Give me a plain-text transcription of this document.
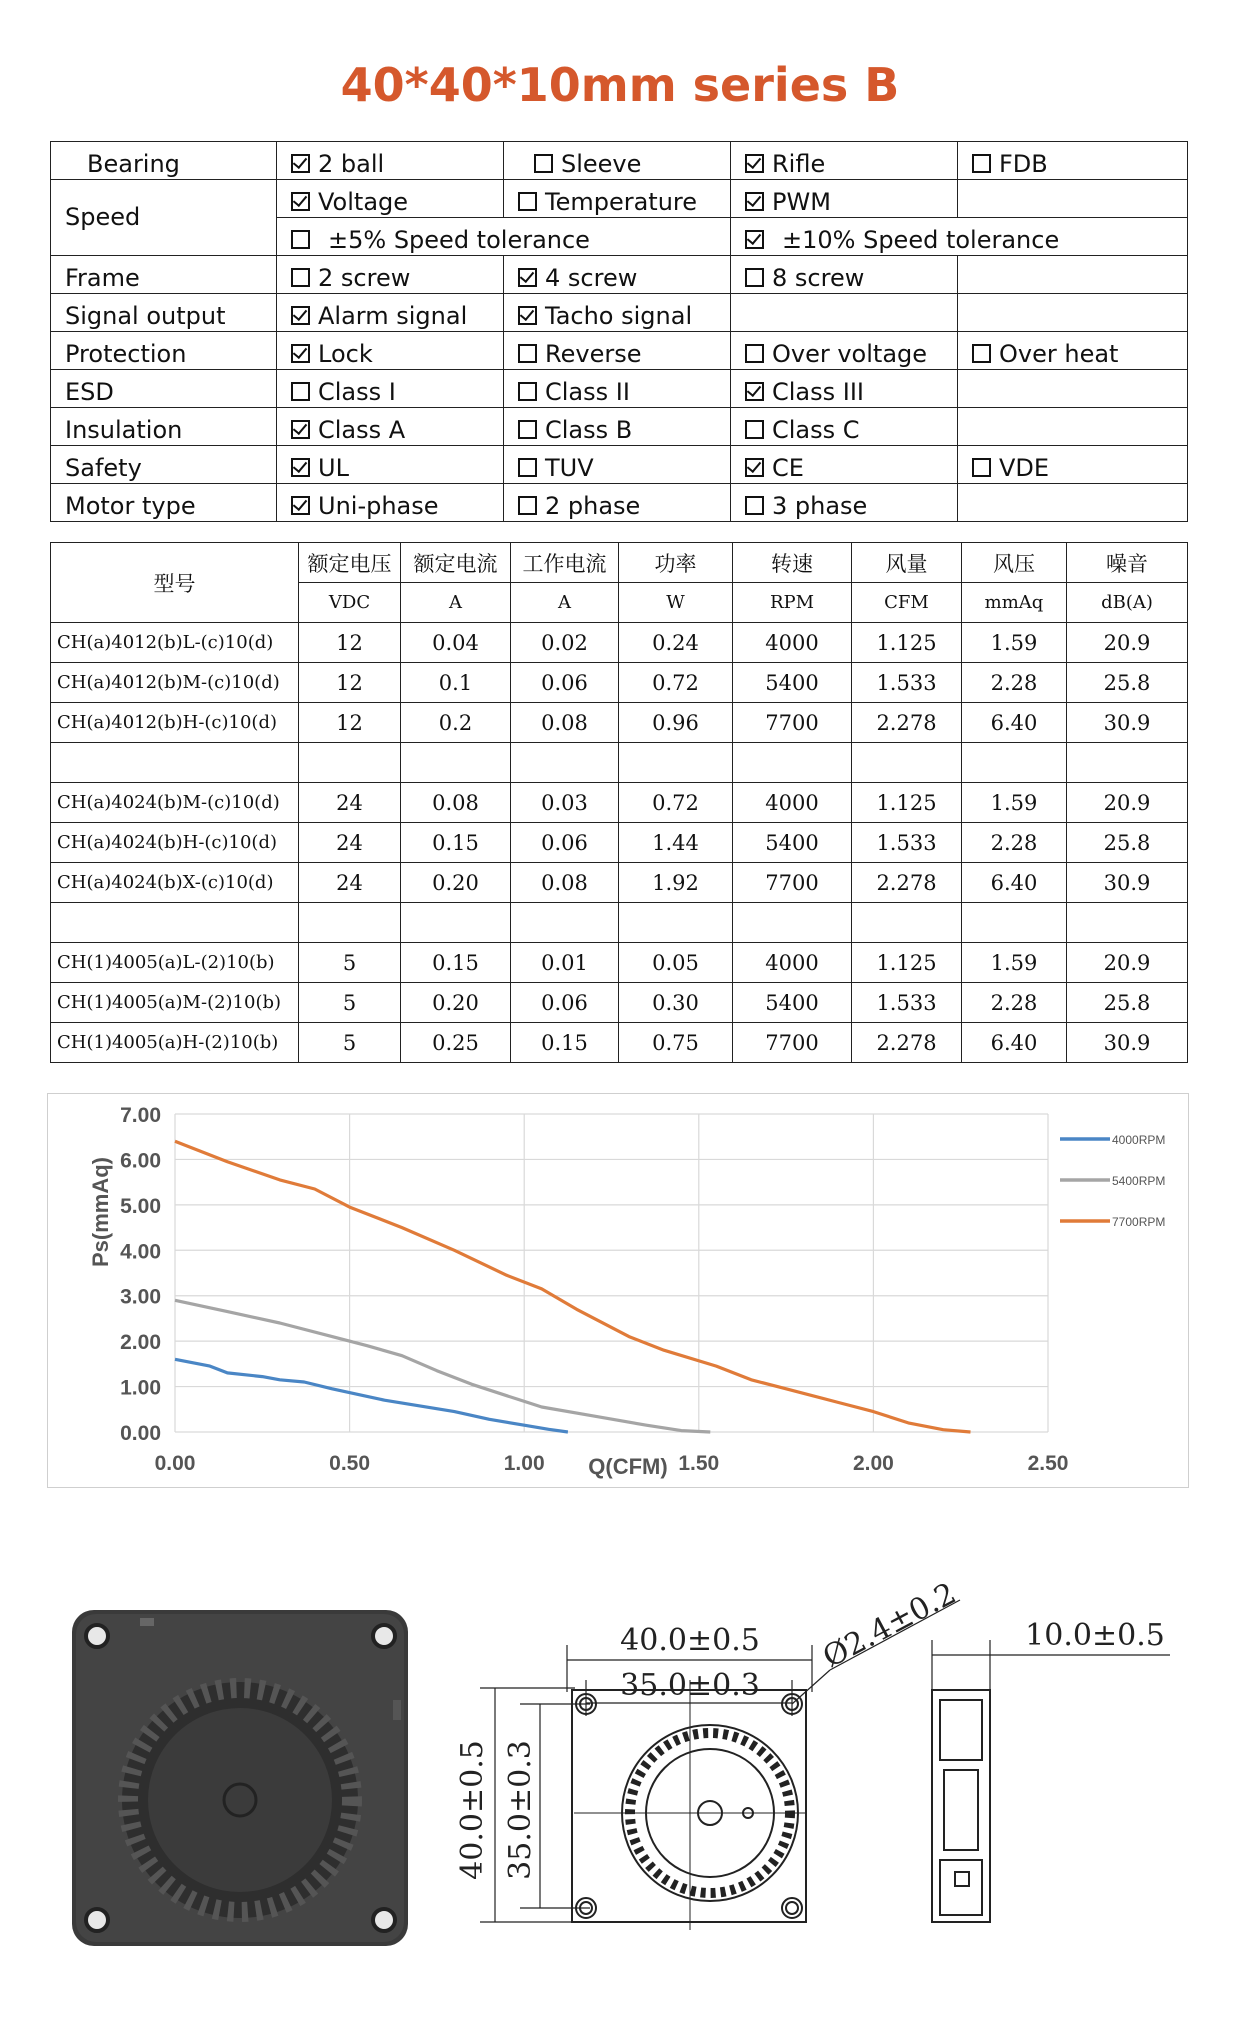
40*40*10mm series B
Bearing	2 ball	Sleeve	Rifle	FDB
Speed	Voltage	Temperature	PWM	
	±5% Speed tolerance		±10% Speed tolerance	
Frame	2 screw	4 screw	8 screw	
Signal output	Alarm signal	Tacho signal		
Protection	Lock	Reverse	Over voltage	Over heat
ESD	Class I	Class II	Class III	
Insulation	Class A	Class B	Class C	
Safety	UL	TUV	CE	VDE
Motor type	Uni-phase	2 phase	3 phase	
型号	额定电压	额定电流	工作电流	功率	转速	风量	风压	噪音
	VDC	A	A	W	RPM	CFM	mmAq	dB(A)
CH(a)4012(b)L-(c)10(d)	12	0.04	0.02	0.24	4000	1.125	1.59	20.9
CH(a)4012(b)M-(c)10(d)	12	0.1	0.06	0.72	5400	1.533	2.28	25.8
CH(a)4012(b)H-(c)10(d)	12	0.2	0.08	0.96	7700	2.278	6.40	30.9

CH(a)4024(b)M-(c)10(d)	24	0.08	0.03	0.72	4000	1.125	1.59	20.9
CH(a)4024(b)H-(c)10(d)	24	0.15	0.06	1.44	5400	1.533	2.28	25.8
CH(a)4024(b)X-(c)10(d)	24	0.20	0.08	1.92	7700	2.278	6.40	30.9

CH(1)4005(a)L-(2)10(b)	5	0.15	0.01	0.05	4000	1.125	1.59	20.9
CH(1)4005(a)M-(2)10(b)	5	0.20	0.06	0.30	5400	1.533	2.28	25.8
CH(1)4005(a)H-(2)10(b)	5	0.25	0.15	0.75	7700	2.278	6.40	30.9
0.00
1.00
2.00
3.00
4.00
5.00
6.00
7.00
0.00	0.50	1.00	1.50	2.00	2.50
Q(CFM)
Ps(mmAq)
4000RPM
5400RPM
7700RPM
40.0±0.5
35.0±0.3
Ø2.4±0.2
40.0±0.5 35.0±0.3
10.0±0.5
